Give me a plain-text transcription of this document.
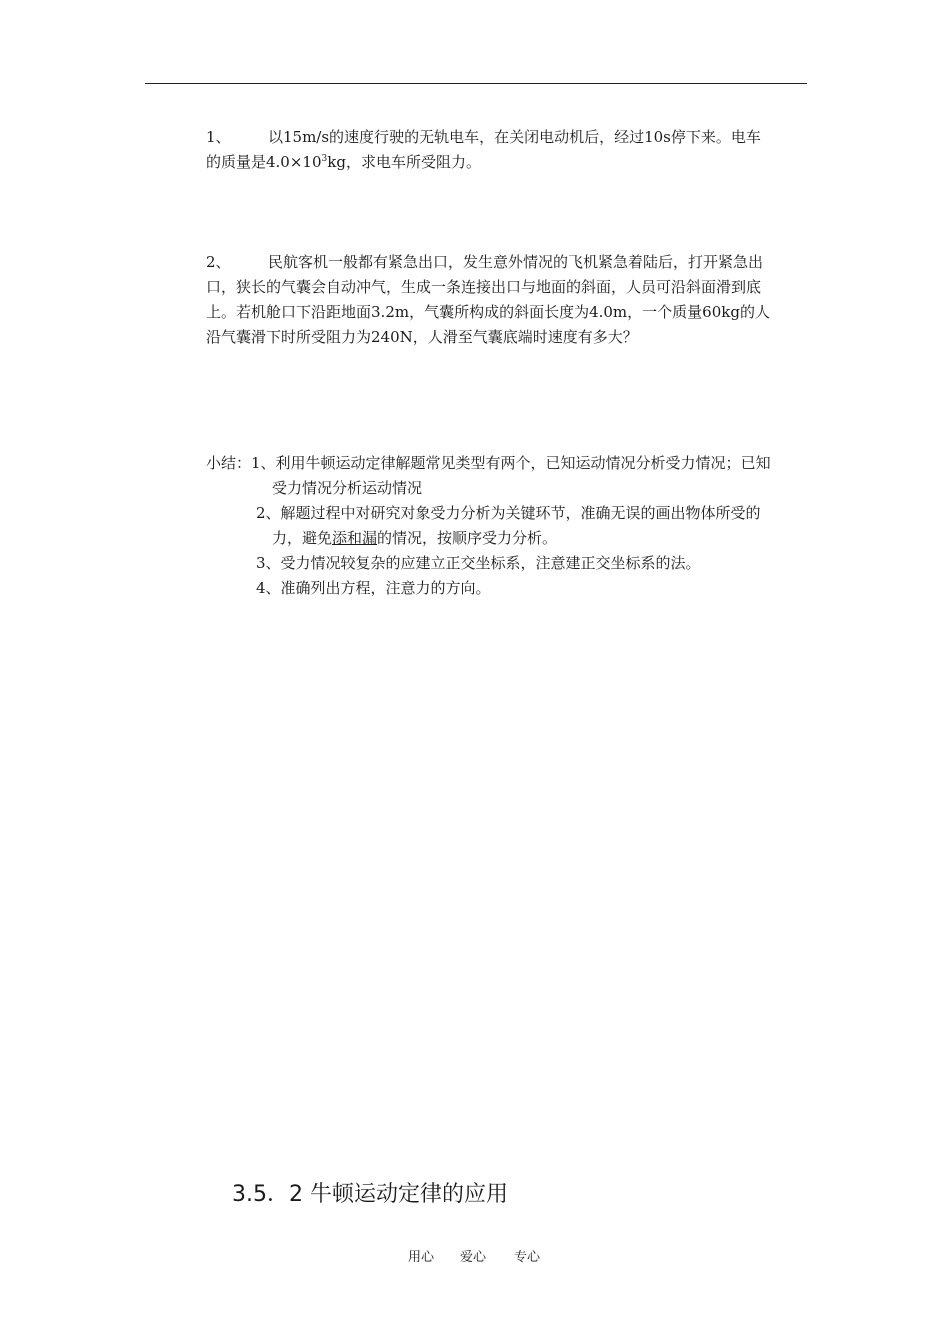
1、 以15m/s的速度行驶的无轨电车，在关闭电动机后，经过10s停下来。电车
的质量是$4.0\times 10^3kg$，求电车所受阻力。
2、 民航客机一般都有紧急出口，发生意外情况的飞机紧急着陆后，打开紧急出
口，狭长的气囊会自动冲气，生成一条连接出口与地面的斜面，人员可沿斜面滑到底
上。若机舱口下沿距地面3.2m，气囊所构成的斜面长度为4.0m，一个质量60kg的人
沿气囊滑下时所受阻力为240N，人滑至气囊底端时速度有多大？
小结：1、利用牛顿运动定律解题常见类型有两个，已知运动情况分析受力情况；已知
受力情况分析运动情况
2、解题过程中对研究对象受力分析为关键环节，准确无误的画出物体所受的
力，避免添和漏的情况，按顺序受力分析。
3、受力情况较复杂的应建立正交坐标系，注意建正交坐标系的法。
4、准确列出方程，注意力的方向。
3.5．2 牛顿运动定律的应用
用心 爱心 专心
